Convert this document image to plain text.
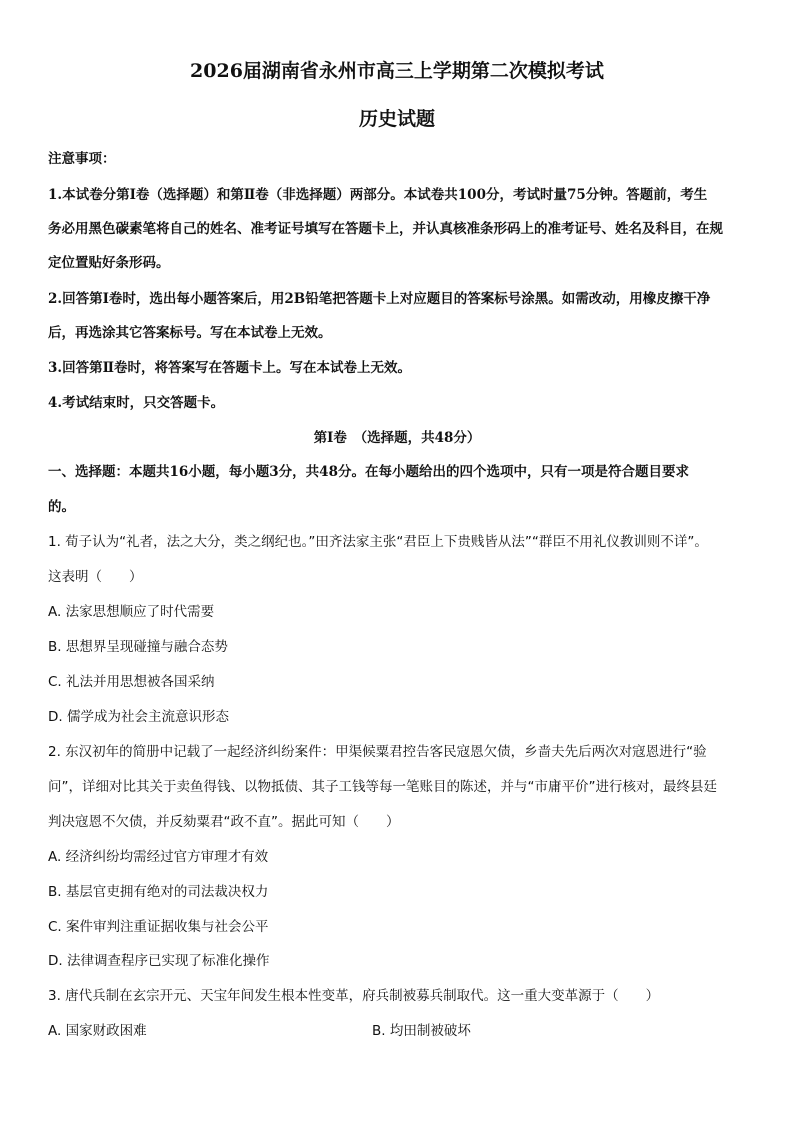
2026届湖南省永州市高三上学期第二次模拟考试
历史试题
注意事项：
1.本试卷分第Ⅰ卷（选择题）和第Ⅱ卷（非选择题）两部分。本试卷共100分，考试时量75分钟。答题前，考生
务必用黑色碳素笔将自己的姓名、准考证号填写在答题卡上，并认真核准条形码上的准考证号、姓名及科目，在规
定位置贴好条形码。
2.回答第Ⅰ卷时，选出每小题答案后，用2B铅笔把答题卡上对应题目的答案标号涂黑。如需改动，用橡皮擦干净
后，再选涂其它答案标号。写在本试卷上无效。
3.回答第Ⅱ卷时，将答案写在答题卡上。写在本试卷上无效。
4.考试结束时，只交答题卡。
第Ⅰ卷　（选择题，共48分）
一、选择题：本题共16小题，每小题3分，共48分。在每小题给出的四个选项中，只有一项是符合题目要求
的。
1. 荀子认为“礼者，法之大分，类之纲纪也。”田齐法家主张“君臣上下贵贱皆从法”“群臣不用礼仪教训则不详”。
这表明（　　）
A. 法家思想顺应了时代需要
B. 思想界呈现碰撞与融合态势
C. 礼法并用思想被各国采纳
D. 儒学成为社会主流意识形态
2. 东汉初年的简册中记载了一起经济纠纷案件：甲渠候粟君控告客民寇恩欠债，乡啬夫先后两次对寇恩进行“验
问”，详细对比其关于卖鱼得钱、以物抵债、其子工钱等每一笔账目的陈述，并与“市庸平价”进行核对，最终县廷
判决寇恩不欠债，并反劾粟君“政不直”。据此可知（　　）
A. 经济纠纷均需经过官方审理才有效
B. 基层官吏拥有绝对的司法裁决权力
C. 案件审判注重证据收集与社会公平
D. 法律调查程序已实现了标准化操作
3. 唐代兵制在玄宗开元、天宝年间发生根本性变革，府兵制被募兵制取代。这一重大变革源于（　　）
A. 国家财政困难	B. 均田制被破坏
